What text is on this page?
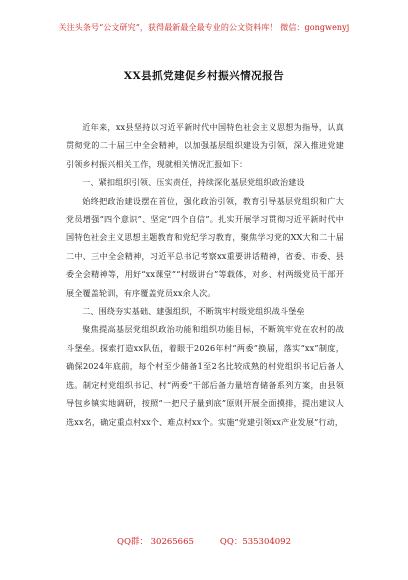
关注头条号“公文研究”，获得最新最全最专业的公文资料库！ 微信：gongwenyj
XX县抓党建促乡村振兴情况报告

近年来，xx县坚持以习近平新时代中国特色社会主义思想为指导，认真贯彻党的二十届三中全会精神，以加强基层组织建设为引领，深入推进党建引领乡村振兴相关工作，现就相关情况汇报如下：

一、紧扣组织引领、压实责任，持续深化基层党组织政治建设

始终把政治建设摆在首位，强化政治引领，教育引导基层党组织和广大党员增强“四个意识”、坚定“四个自信”。扎实开展学习贯彻习近平新时代中国特色社会主义思想主题教育和党纪学习教育，聚焦学习党的XX大和二十届二中、三中全会精神，习近平总书记考察xx重要讲话精神，省委、市委、县委全会精神等，用好“xx课堂”“村级讲台”等载体，对乡、村两级党员干部开展全覆盖轮训，有序覆盖党员xx余人次。

二、围绕夯实基础、建强组织，不断筑牢村级党组织战斗堡垒

聚焦提高基层党组织政治功能和组织功能目标，不断筑牢党在农村的战斗堡垒。探索打造xx队伍，着眼于2026年村“两委”换届，落实“xx”制度，确保2024年底前，每个村至少储备1至2名比较成熟的村党组织书记后备人选。制定村党组织书记、村“两委”干部后备力量培育储备系列方案，由县领导包乡镇实地调研，按照“一把尺子量到底”原则开展全面摸排，提出建议人选xx名，确定重点村xx个、难点村xx个。实施“党建引领xx产业发展”行动，

QQ群： 30265665	QQ：535304092
